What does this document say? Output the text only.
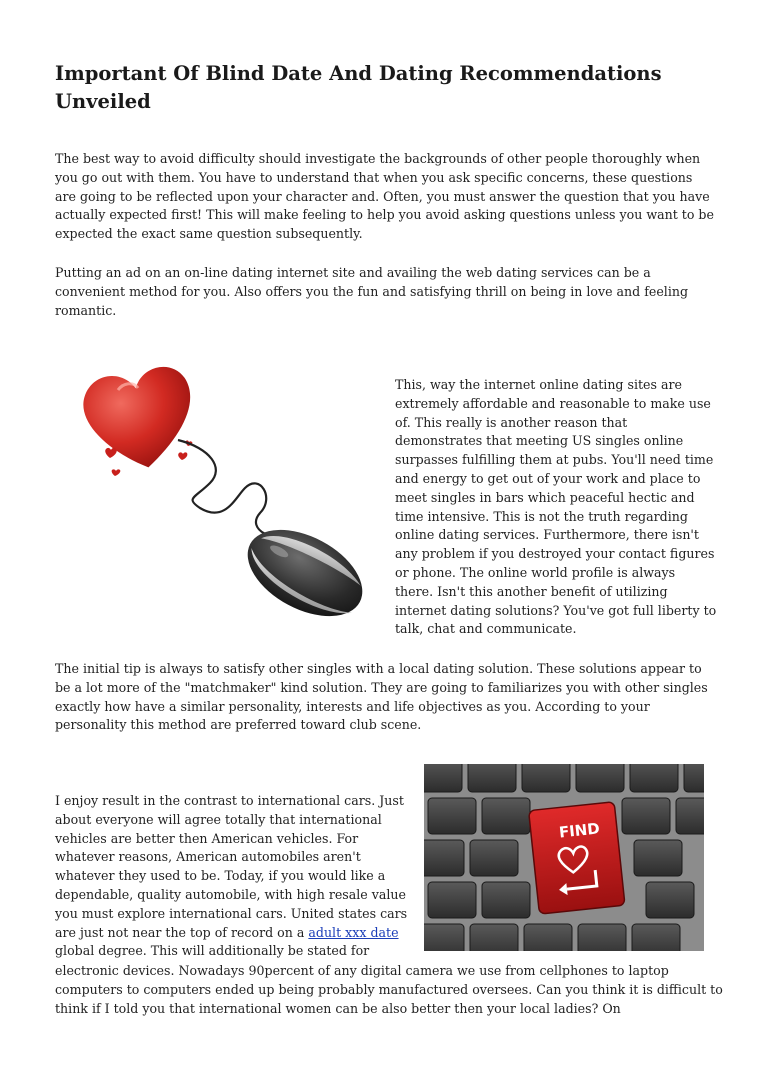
Important Of Blind Date And Dating Recommendations Unveiled

The best way to avoid difficulty should investigate the backgrounds of other people thoroughly when you go out with them. You have to understand that when you ask specific concerns, these questions are going to be reflected upon your character and. Often, you must answer the question that you have actually expected first! This will make feeling to help you avoid asking questions unless you want to be expected the exact same question subsequently.

Putting an ad on an on-line dating internet site and availing the web dating services can be a convenient method for you. Also offers you the fun and satisfying thrill on being in love and feeling romantic.

This, way the internet online dating sites are extremely affordable and reasonable to make use of. This really is another reason that demonstrates that meeting US singles online surpasses fulfilling them at pubs. You'll need time and energy to get out of your work and place to meet singles in bars which peaceful hectic and time intensive. This is not the truth regarding online dating services. Furthermore, there isn't any problem if you destroyed your contact figures or phone. The online world profile is always there. Isn't this another benefit of utilizing internet dating solutions? You've got full liberty to talk, chat and communicate.

The initial tip is always to satisfy other singles with a local dating solution. These solutions appear to be a lot more of the "matchmaker" kind solution. They are going to familiarizes you with other singles exactly how have a similar personality, interests and life objectives as you. According to your personality this method are preferred toward club scene.

FIND

I enjoy result in the contrast to international cars. Just about everyone will agree totally that international vehicles are better then American vehicles. For whatever reasons, American automobiles aren't whatever they used to be. Today, if you would like a dependable, quality automobile, with high resale value you must explore international cars. United states cars are just not near the top of record on a adult xxx date global degree. This will additionally be stated for

electronic devices. Nowadays 90percent of any digital camera we use from cellphones to laptop computers to computers ended up being probably manufactured oversees. Can you think it is difficult to think if I told you that international women can be also better then your local ladies? On
